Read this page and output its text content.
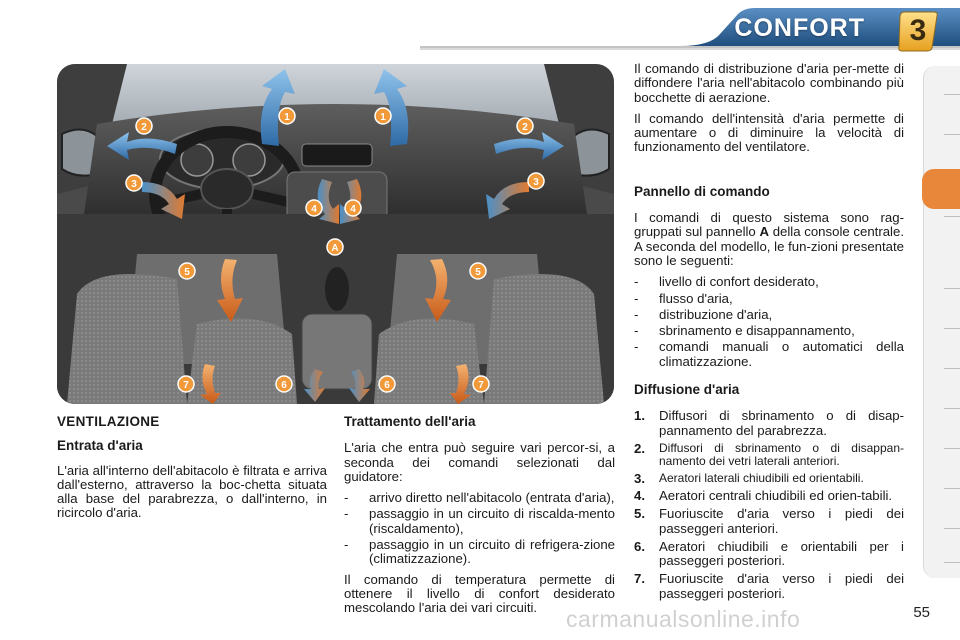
CONFORT	3
1	1
2	2
3	3
4	4
A
5	5
6	6
7	7
VENTILAZIONE
Entrata d'aria

L'aria all'interno dell'abitacolo è filtrata e arriva dall'esterno, attraverso la boc-chetta situata alla base del parabrezza, o dall'interno, in ricircolo d'aria.

Trattamento dell'aria

L'aria che entra può seguire vari percor-si, a seconda dei comandi selezionati dal guidatore:

- arrivo diretto nell'abitacolo (entrata d'aria),
- passaggio in un circuito di riscalda-mento (riscaldamento),
- passaggio in un circuito di refrigera-zione (climatizzazione).

Il comando di temperatura permette di ottenere il livello di confort desiderato mescolando l'aria dei vari circuiti.

Il comando di distribuzione d'aria per-mette di diffondere l'aria nell'abitacolo combinando più bocchette di aerazione.

Il comando dell'intensità d'aria permette di aumentare o di diminuire la velocità di funzionamento del ventilatore.

Pannello di comando

I comandi di questo sistema sono rag-gruppati sul pannello A della console centrale. A seconda del modello, le fun-zioni presentate sono le seguenti:

- livello di confort desiderato,
- flusso d'aria,
- distribuzione d'aria,
- sbrinamento e disappannamento,
- comandi manuali o automatici della climatizzazione.
Diffusione d'aria
1. Diffusori di sbrinamento o di disap-pannamento del parabrezza.
2. Diffusori di sbrinamento o di disappan-namento dei vetri laterali anteriori.
3. Aeratori laterali chiudibili ed orientabili.
4. Aeratori centrali chiudibili ed orien-tabili.
5. Fuoriuscite d'aria verso i piedi dei passeggeri anteriori.
6. Aeratori chiudibili e orientabili per i passeggeri posteriori.
7. Fuoriuscite d'aria verso i piedi dei passeggeri posteriori.
carmanualsonline.info	55
